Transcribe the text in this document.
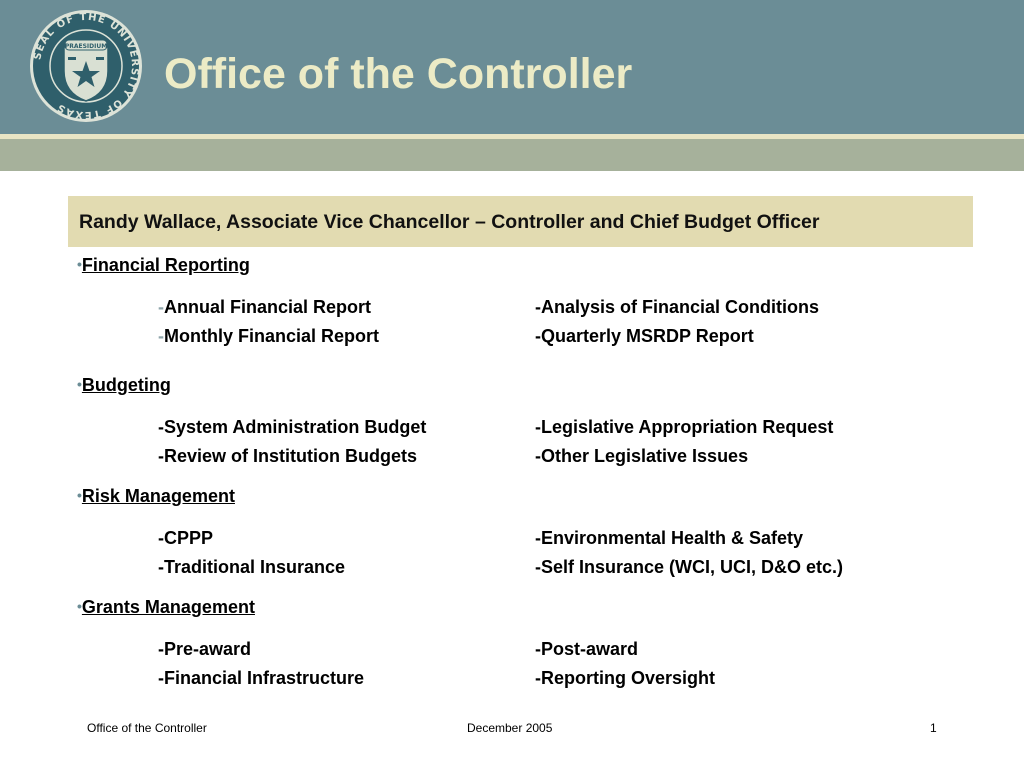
SEAL OF THE UNIVERSITY OF TEXAS
PRAESIDIUM
Office of the Controller
Randy Wallace, Associate Vice Chancellor – Controller and Chief Budget Officer
•Financial Reporting
-Annual Financial Report	-Analysis of Financial Conditions
-Monthly Financial Report	-Quarterly MSRDP Report
•Budgeting
-System Administration Budget	-Legislative Appropriation Request
-Review of Institution Budgets	-Other Legislative Issues
•Risk Management
-CPPP	-Environmental Health & Safety
-Traditional Insurance	-Self Insurance (WCI, UCI, D&O etc.)
•Grants Management
-Pre-award	-Post-award
-Financial Infrastructure	-Reporting Oversight
Office of the Controller	December 2005	1
